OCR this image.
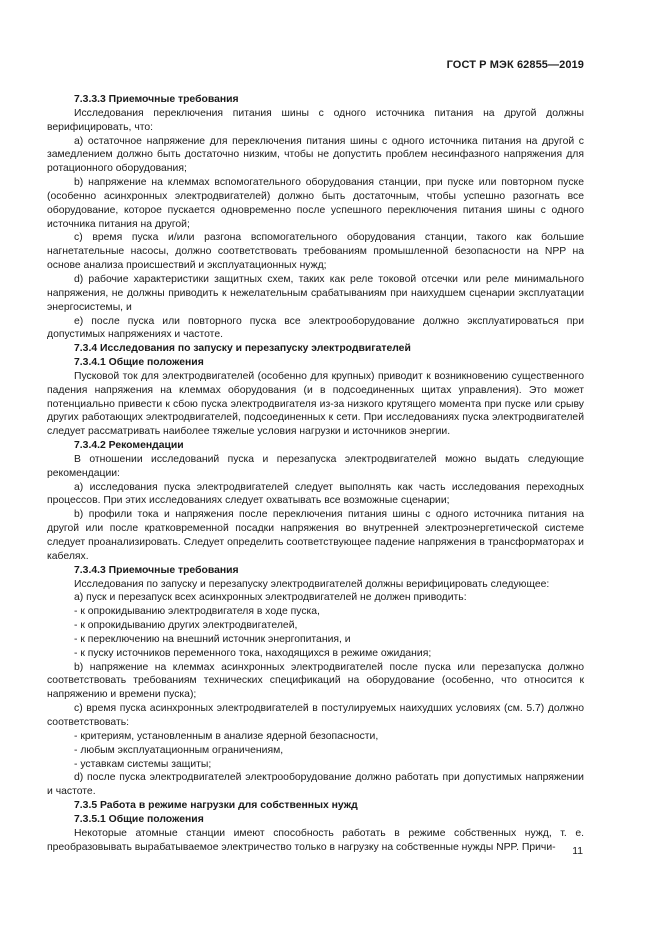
ГОСТ Р МЭК 62855—2019

7.3.3.3 Приемочные требования

Исследования переключения питания шины с одного источника питания на другой должны верифицировать, что:

а) остаточное напряжение для переключения питания шины с одного источника питания на другой с замедлением должно быть достаточно низким, чтобы не допустить проблем несинфазного напряжения для ротационного оборудования;

b) напряжение на клеммах вспомогательного оборудования станции, при пуске или повторном пуске (особенно асинхронных электродвигателей) должно быть достаточным, чтобы успешно разогнать все оборудование, которое пускается одновременно после успешного переключения питания шины с одного источника питания на другой;

c) время пуска и/или разгона вспомогательного оборудования станции, такого как большие нагнетательные насосы, должно соответствовать требованиям промышленной безопасности на NPP на основе анализа происшествий и эксплуатационных нужд;

d) рабочие характеристики защитных схем, таких как реле токовой отсечки или реле минимального напряжения, не должны приводить к нежелательным срабатываниям при наихудшем сценарии эксплуатации энергосистемы, и

e) после пуска или повторного пуска все электрооборудование должно эксплуатироваться при допустимых напряжениях и частоте.

7.3.4 Исследования по запуску и перезапуску электродвигателей

7.3.4.1 Общие положения

Пусковой ток для электродвигателей (особенно для крупных) приводит к возникновению существенного падения напряжения на клеммах оборудования (и в подсоединенных щитах управления). Это может потенциально привести к сбою пуска электродвигателя из-за низкого крутящего момента при пуске или срыву других работающих электродвигателей, подсоединенных к сети. При исследованиях пуска электродвигателей следует рассматривать наиболее тяжелые условия нагрузки и источников энергии.

7.3.4.2 Рекомендации

В отношении исследований пуска и перезапуска электродвигателей можно выдать следующие рекомендации:

а) исследования пуска электродвигателей следует выполнять как часть исследования переходных процессов. При этих исследованиях следует охватывать все возможные сценарии;

b) профили тока и напряжения после переключения питания шины с одного источника питания на другой или после кратковременной посадки напряжения во внутренней электроэнергетической системе следует проанализировать. Следует определить соответствующее падение напряжения в трансформаторах и кабелях.

7.3.4.3 Приемочные требования

Исследования по запуску и перезапуску электродвигателей должны верифицировать следующее:

а) пуск и перезапуск всех асинхронных электродвигателей не должен приводить:

- к опрокидыванию электродвигателя в ходе пуска,

- к опрокидыванию других электродвигателей,

- к переключению на внешний источник энергопитания, и

- к пуску источников переменного тока, находящихся в режиме ожидания;

b) напряжение на клеммах асинхронных электродвигателей после пуска или перезапуска должно соответствовать требованиям технических спецификаций на оборудование (особенно, что относится к напряжению и времени пуска);

c) время пуска асинхронных электродвигателей в постулируемых наихудших условиях (см. 5.7) должно соответствовать:

- критериям, установленным в анализе ядерной безопасности,

- любым эксплуатационным ограничениям,

- уставкам системы защиты;

d) после пуска электродвигателей электрооборудование должно работать при допустимых напряжении и частоте.

7.3.5 Работа в режиме нагрузки для собственных нужд

7.3.5.1 Общие положения

Некоторые атомные станции имеют способность работать в режиме собственных нужд, т. е. преобразовывать вырабатываемое электричество только в нагрузку на собственные нужды NPP. Причи-	11
